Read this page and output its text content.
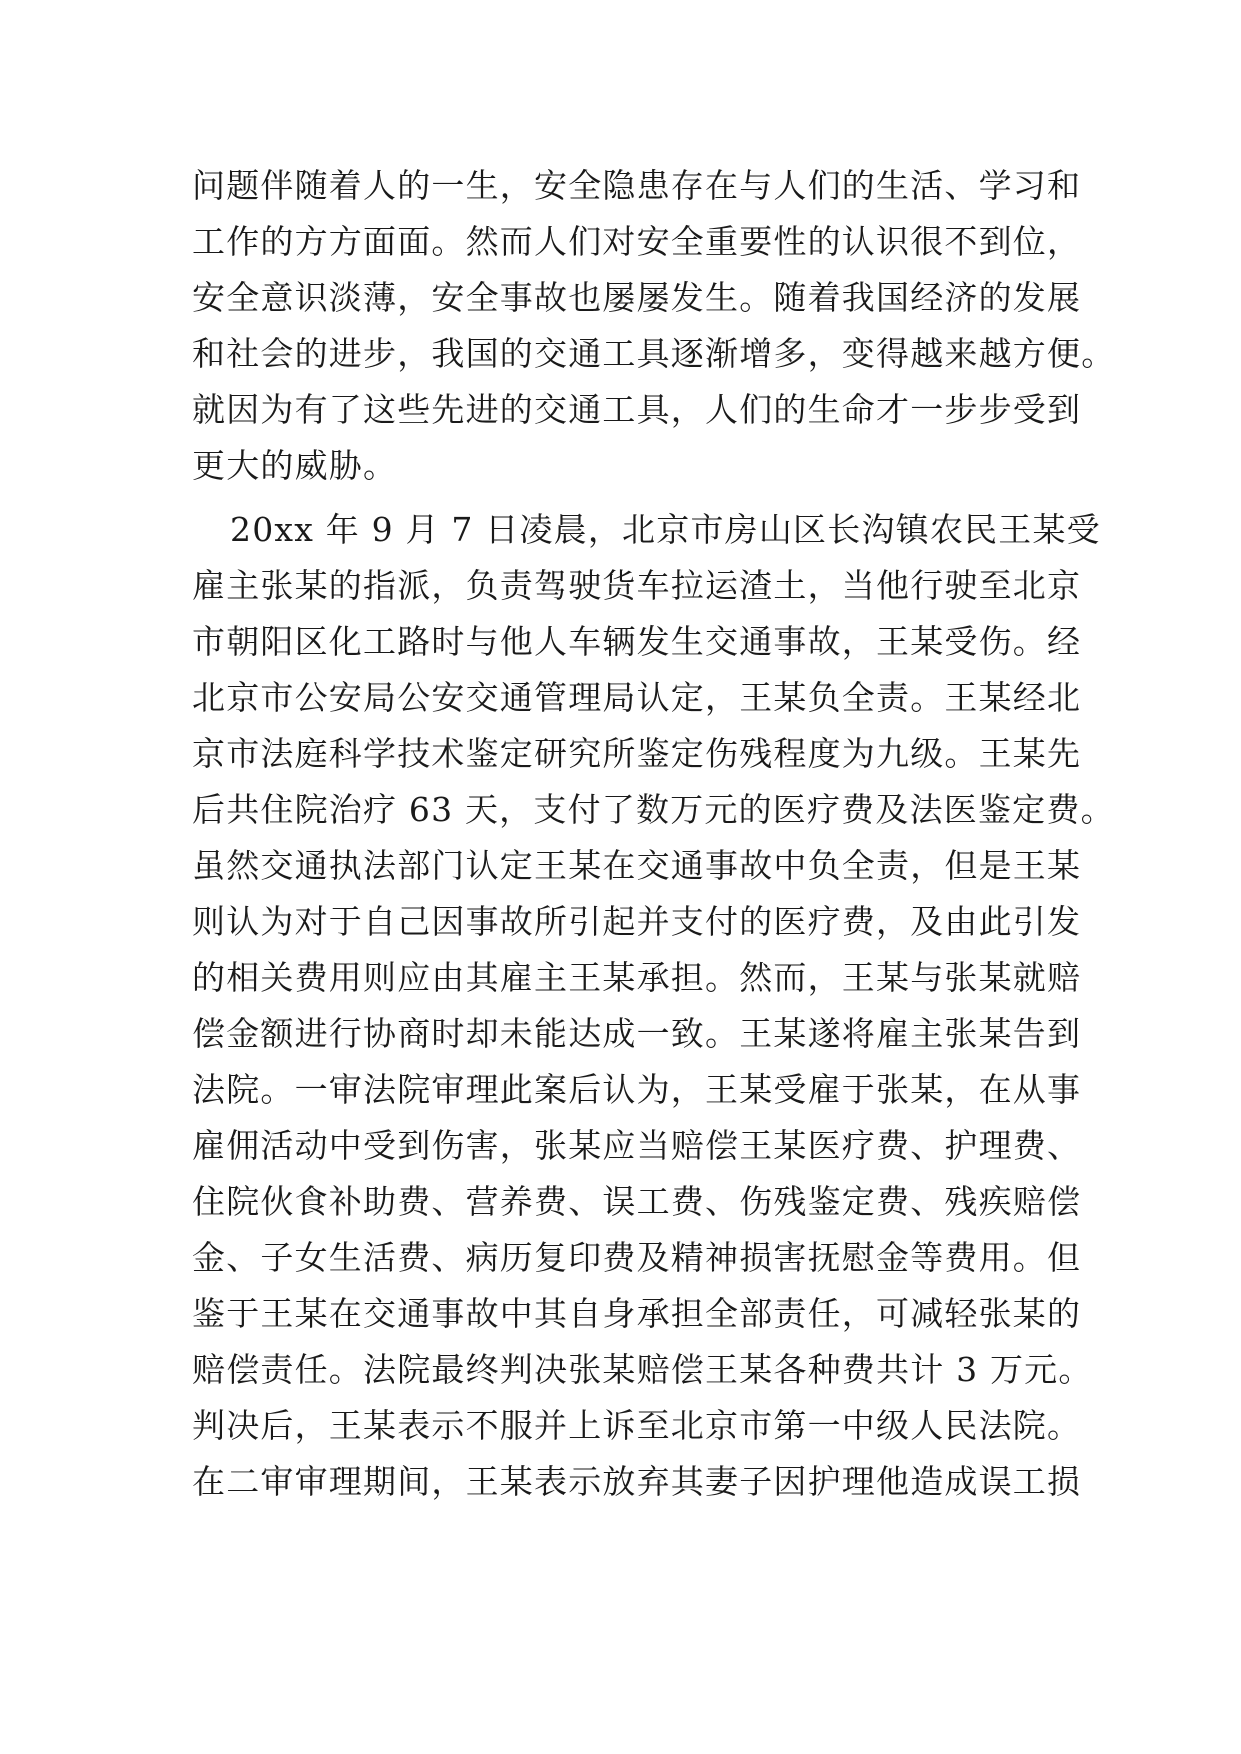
问题伴随着人的一生，安全隐患存在与人们的生活、学习和
工作的方方面面。然而人们对安全重要性的认识很不到位，
安全意识淡薄，安全事故也屡屡发生。随着我国经济的发展
和社会的进步，我国的交通工具逐渐增多，变得越来越方便。
就因为有了这些先进的交通工具，人们的生命才一步步受到
更大的威胁。
20xx 年 9 月 7 日凌晨，北京市房山区长沟镇农民王某受
雇主张某的指派，负责驾驶货车拉运渣土，当他行驶至北京
市朝阳区化工路时与他人车辆发生交通事故，王某受伤。经
北京市公安局公安交通管理局认定，王某负全责。王某经北
京市法庭科学技术鉴定研究所鉴定伤残程度为九级。王某先
后共住院治疗 63 天，支付了数万元的医疗费及法医鉴定费。
虽然交通执法部门认定王某在交通事故中负全责，但是王某
则认为对于自己因事故所引起并支付的医疗费，及由此引发
的相关费用则应由其雇主王某承担。然而，王某与张某就赔
偿金额进行协商时却未能达成一致。王某遂将雇主张某告到
法院。一审法院审理此案后认为，王某受雇于张某，在从事
雇佣活动中受到伤害，张某应当赔偿王某医疗费、护理费、
住院伙食补助费、营养费、误工费、伤残鉴定费、残疾赔偿
金、子女生活费、病历复印费及精神损害抚慰金等费用。但
鉴于王某在交通事故中其自身承担全部责任，可减轻张某的
赔偿责任。法院最终判决张某赔偿王某各种费共计 3 万元。
判决后，王某表示不服并上诉至北京市第一中级人民法院。
在二审审理期间，王某表示放弃其妻子因护理他造成误工损
